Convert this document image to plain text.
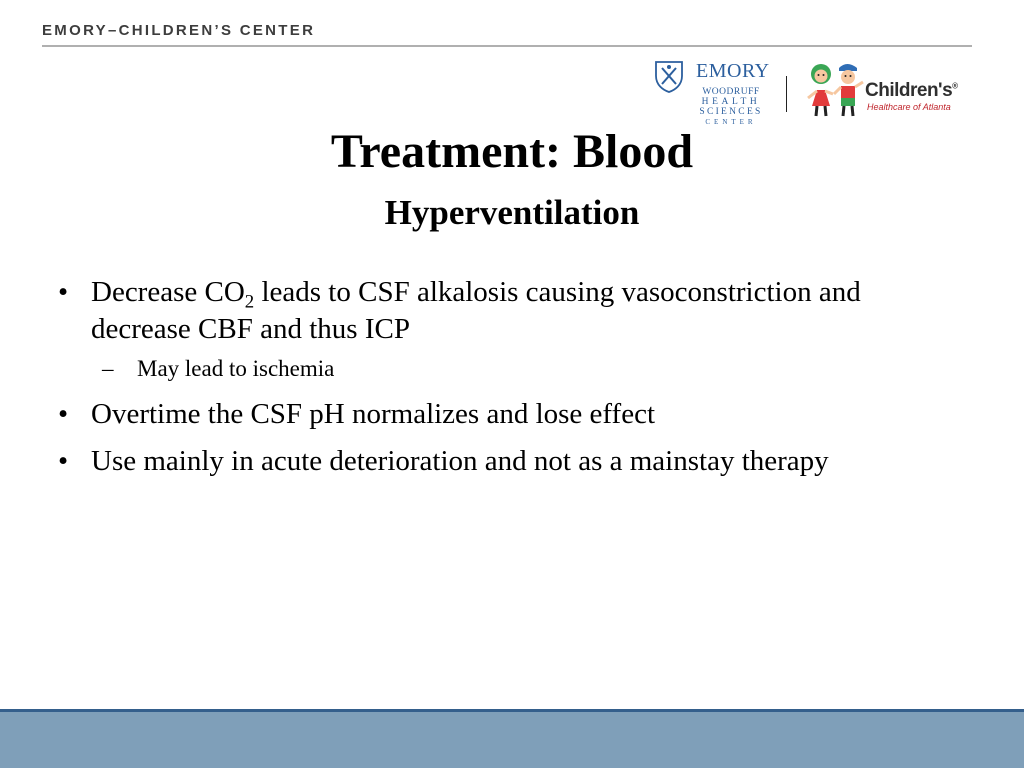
EMORY–CHILDREN’S CENTER
EMORY
WOODRUFF
HEALTH
SCIENCES
CENTER
Children's®
Healthcare of Atlanta
Treatment: Blood
Hyperventilation
• Decrease $CO_2$ leads to CSF alkalosis causing vasoconstriction and decrease CBF and thus ICP
– May lead to ischemia
• Overtime the CSF pH normalizes and lose effect
• Use mainly in acute deterioration and not as a mainstay therapy
